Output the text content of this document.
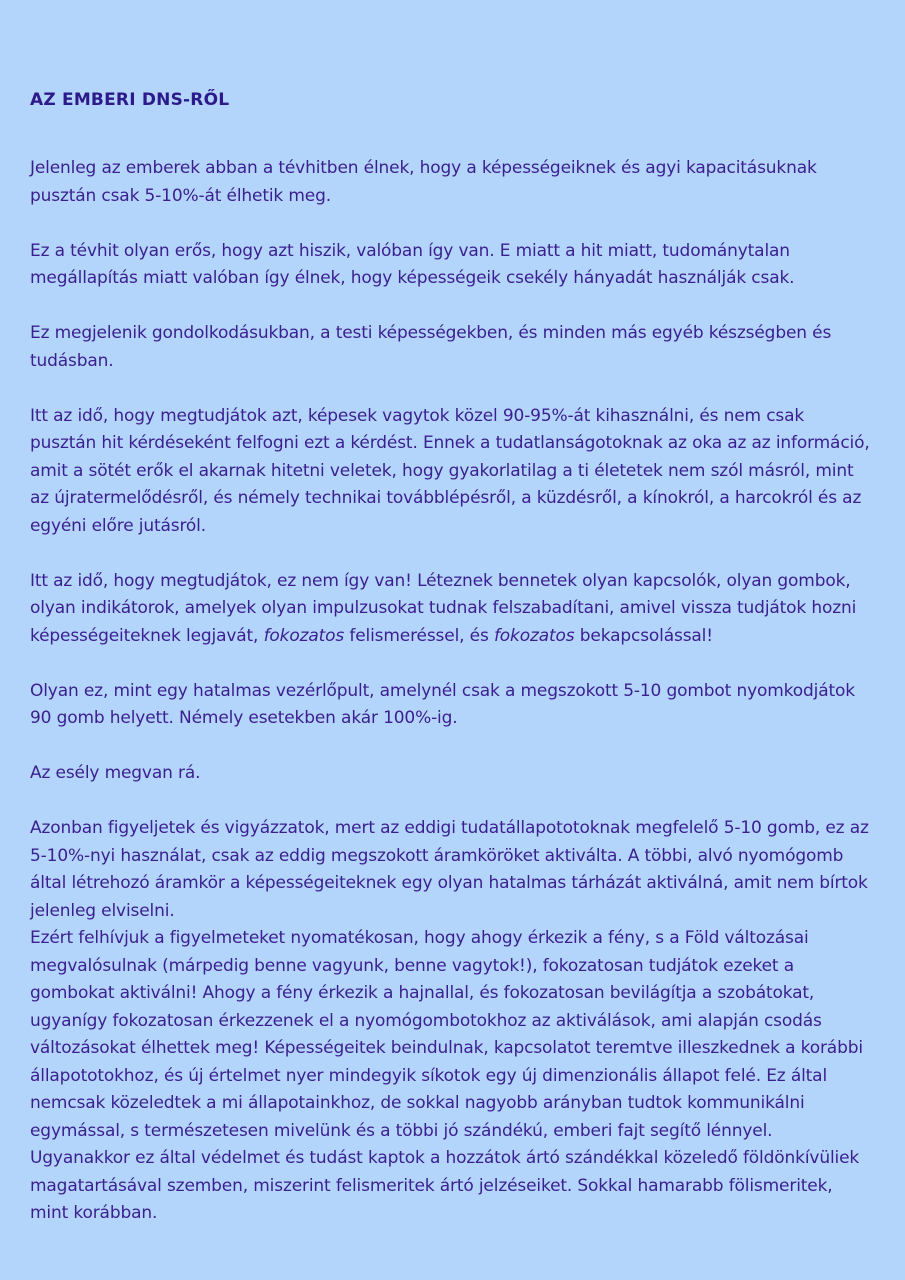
AZ EMBERI DNS-RŐL

Jelenleg az emberek abban a tévhitben élnek, hogy a képességeiknek és agyi kapacitásuknak pusztán csak 5-10%-át élhetik meg.

Ez a tévhit olyan erős, hogy azt hiszik, valóban így van. E miatt a hit miatt, tudománytalan megállapítás miatt valóban így élnek, hogy képességeik csekély hányadát használják csak.

Ez megjelenik gondolkodásukban, a testi képességekben, és minden más egyéb készségben és tudásban.

Itt az idő, hogy megtudjátok azt, képesek vagytok közel 90-95%-át kihasználni, és nem csak pusztán hit kérdéseként felfogni ezt a kérdést. Ennek a tudatlanságotoknak az oka az az információ, amit a sötét erők el akarnak hitetni veletek, hogy gyakorlatilag a ti életetek nem szól másról, mint az újratermelődésről, és némely technikai továbblépésről, a küzdésről, a kínokról, a harcokról és az egyéni előre jutásról.

Itt az idő, hogy megtudjátok, ez nem így van! Léteznek bennetek olyan kapcsolók, olyan gombok, olyan indikátorok, amelyek olyan impulzusokat tudnak felszabadítani, amivel vissza tudjátok hozni képességeiteknek legjavát, fokozatos felismeréssel, és fokozatos bekapcsolással!

Olyan ez, mint egy hatalmas vezérlőpult, amelynél csak a megszokott 5-10 gombot nyomkodjátok 90 gomb helyett. Némely esetekben akár 100%-ig.

Az esély megvan rá.

Azonban figyeljetek és vigyázzatok, mert az eddigi tudatállapototoknak megfelelő 5-10 gomb, ez az 5-10%-nyi használat, csak az eddig megszokott áramköröket aktiválta. A többi, alvó nyomógomb által létrehozó áramkör a képességeiteknek egy olyan hatalmas tárházát aktiválná, amit nem bírtok jelenleg elviselni.

Ezért felhívjuk a figyelmeteket nyomatékosan, hogy ahogy érkezik a fény, s a Föld változásai megvalósulnak (márpedig benne vagyunk, benne vagytok!), fokozatosan tudjátok ezeket a gombokat aktiválni! Ahogy a fény érkezik a hajnallal, és fokozatosan bevilágítja a szobátokat, ugyanígy fokozatosan érkezzenek el a nyomógombotokhoz az aktiválások, ami alapján csodás változásokat élhettek meg! Képességeitek beindulnak, kapcsolatot teremtve illeszkednek a korábbi állapototokhoz, és új értelmet nyer mindegyik síkotok egy új dimenzionális állapot felé. Ez által nemcsak közeledtek a mi állapotainkhoz, de sokkal nagyobb arányban tudtok kommunikálni egymással, s természetesen mivelünk és a többi jó szándékú, emberi fajt segítő lénnyel. Ugyanakkor ez által védelmet és tudást kaptok a hozzátok ártó szándékkal közeledő földönkívüliek magatartásával szemben, miszerint felismeritek ártó jelzéseiket. Sokkal hamarabb fölismeritek, mint korábban.
